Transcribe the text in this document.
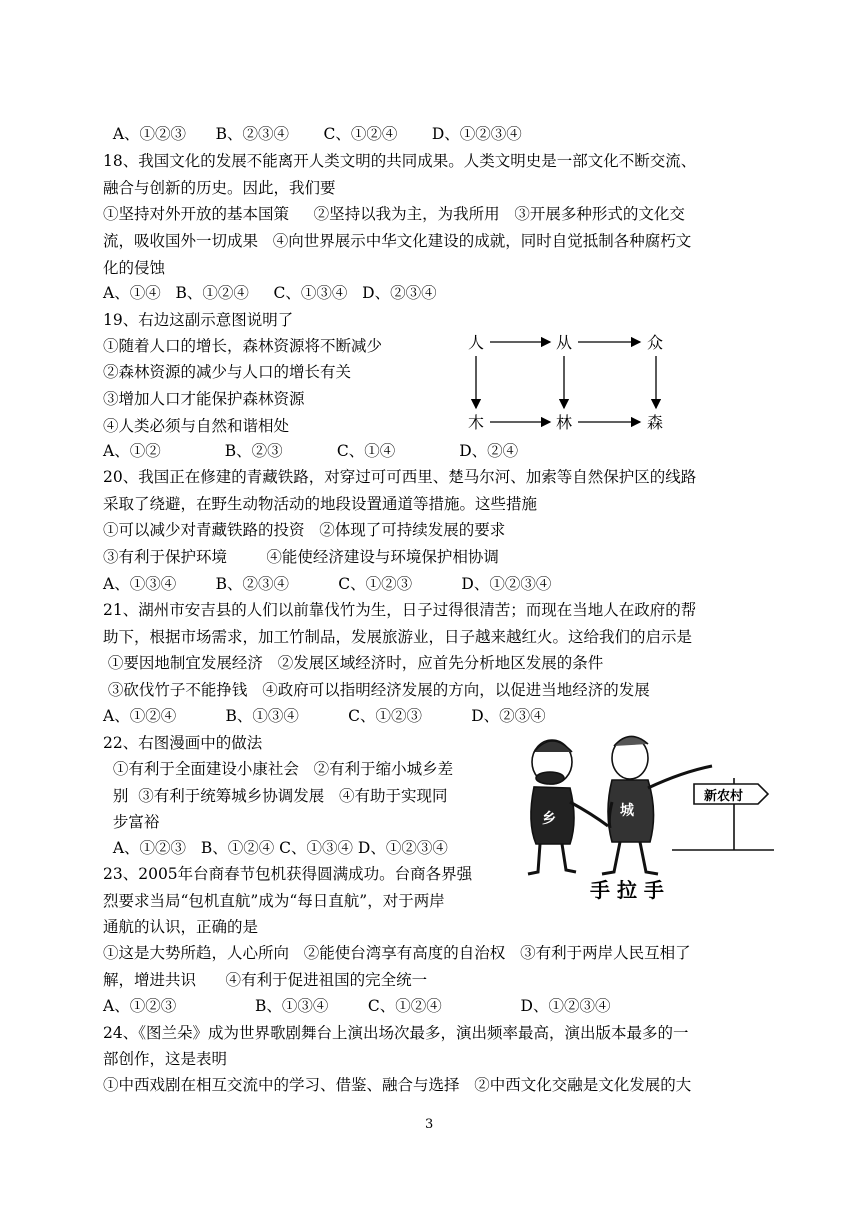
A、①②③      B、②③④       C、①②④       D、①②③④
18、我国文化的发展不能离开人类文明的共同成果。人类文明史是一部文化不断交流、
融合与创新的历史。因此，我们要
①坚持对外开放的基本国策     ②坚持以我为主，为我所用   ③开展多种形式的文化交
流，吸收国外一切成果   ④向世界展示中华文化建设的成就，同时自觉抵制各种腐朽文
化的侵蚀
A、①④   B、①②④     C、①③④   D、②③④
19、右边这副示意图说明了
①随着人口的增长，森林资源将不断减少
②森林资源的减少与人口的增长有关
③增加人口才能保护森林资源
④人类必须与自然和谐相处
A、①②             B、②③           C、①④             D、②④
20、我国正在修建的青藏铁路，对穿过可可西里、楚马尔河、加索等自然保护区的线路
采取了绕避，在野生动物活动的地段设置通道等措施。这些措施
①可以减少对青藏铁路的投资   ②体现了可持续发展的要求
③有利于保护环境        ④能使经济建设与环境保护相协调
A、①③④        B、②③④          C、①②③          D、①②③④
21、湖州市安吉县的人们以前靠伐竹为生，日子过得很清苦；而现在当地人在政府的帮
助下，根据市场需求，加工竹制品，发展旅游业，日子越来越红火。这给我们的启示是
①要因地制宜发展经济   ②发展区域经济时，应首先分析地区发展的条件
③砍伐竹子不能挣钱   ④政府可以指明经济发展的方向，以促进当地经济的发展
A、①②④          B、①③④          C、①②③          D、②③④
22、右图漫画中的做法
①有利于全面建设小康社会   ②有利于缩小城乡差
别  ③有利于统筹城乡协调发展   ④有助于实现同
步富裕
A、①②③   B、①②④ C、①③④ D、①②③④
23、2005年台商春节包机获得圆满成功。台商各界强
烈要求当局“包机直航”成为“每日直航”，对于两岸
通航的认识，正确的是
①这是大势所趋，人心所向   ②能使台湾享有高度的自治权   ③有利于两岸人民互相了
解，增进共识      ④有利于促进祖国的完全统一
A、①②③                B、①③④        C、①②④                D、①②③④
24、《图兰朵》成为世界歌剧舞台上演出场次最多，演出频率最高，演出版本最多的一
部创作，这是表明
①中西戏剧在相互交流中的学习、借鉴、融合与选择   ②中西文化交融是文化发展的大
人	从	众
木	林	森
新农村
乡	城
手 拉 手
3
